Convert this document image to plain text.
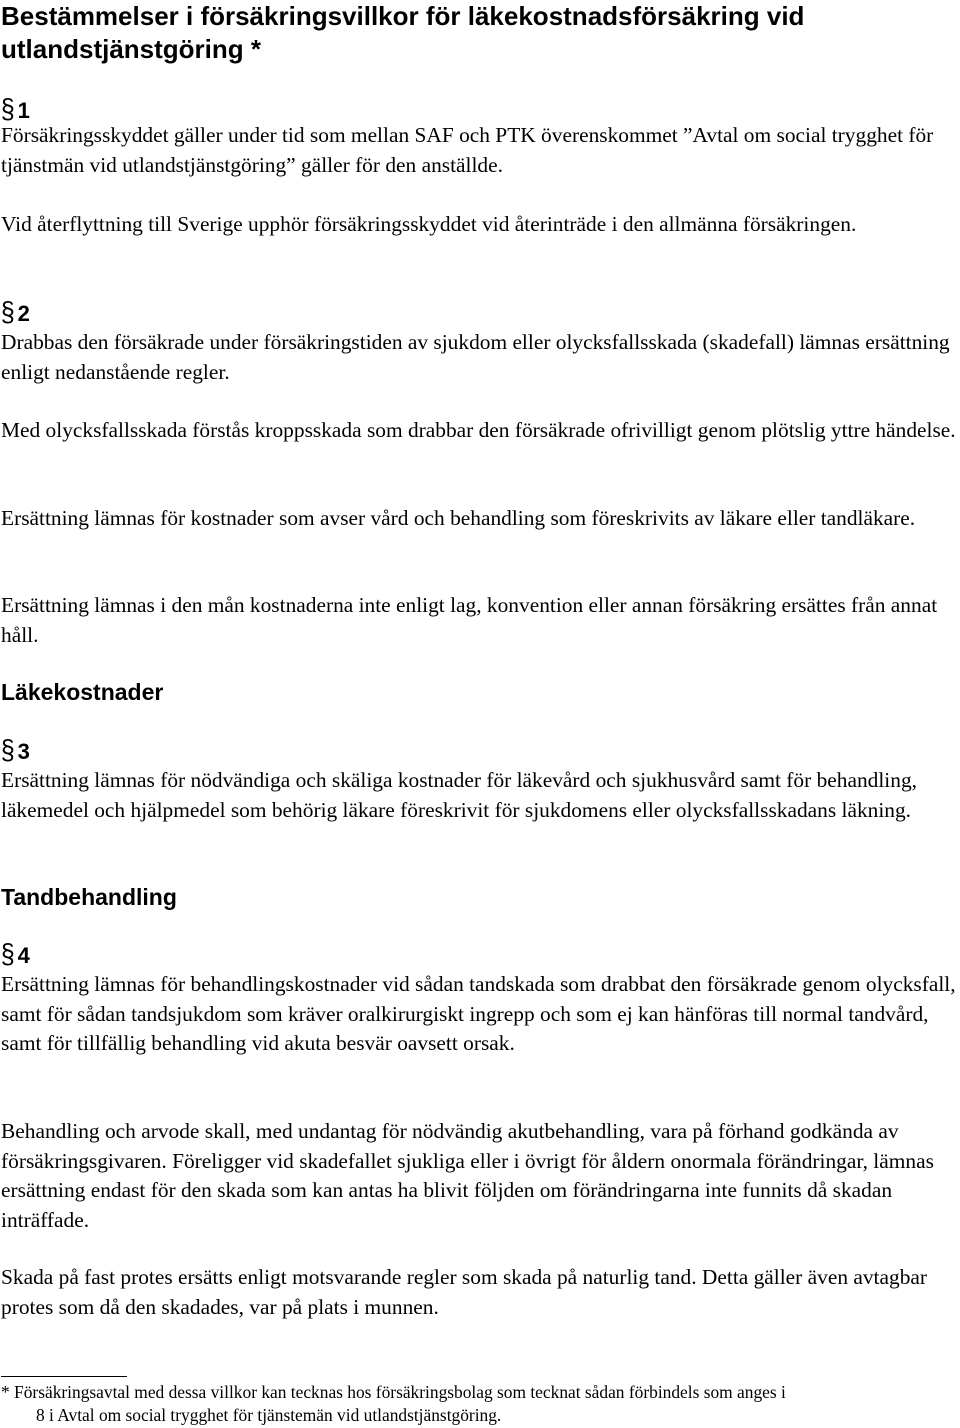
Bestämmelser i försäkringsvillkor för läkekostnadsförsäkring vid utlandstjänstgöring *
§ 1

Försäkringsskyddet gäller under tid som mellan SAF och PTK överenskommet ”Avtal om social trygghet för tjänstmän vid utlandstjänstgöring” gäller för den anställde.

Vid återflyttning till Sverige upphör försäkringsskyddet vid återinträde i den allmänna försäkringen.

§ 2

Drabbas den försäkrade under försäkringstiden av sjukdom eller olycksfallsskada (skadefall) lämnas ersättning enligt nedanstående regler.

Med olycksfallsskada förstås kroppsskada som drabbar den försäkrade ofrivilligt genom plötslig yttre händelse.

Ersättning lämnas för kostnader som avser vård och behandling som föreskrivits av läkare eller tandläkare.

Ersättning lämnas i den mån kostnaderna inte enligt lag, konvention eller annan försäkring ersättes från annat håll.

Läkekostnader
§ 3

Ersättning lämnas för nödvändiga och skäliga kostnader för läkevård och sjukhusvård samt för behandling, läkemedel och hjälpmedel som behörig läkare föreskrivit för sjukdomens eller olycksfallsskadans läkning.

Tandbehandling
§ 4

Ersättning lämnas för behandlingskostnader vid sådan tandskada som drabbat den försäkrade genom olycksfall, samt för sådan tandsjukdom som kräver oralkirurgiskt ingrepp och som ej kan hänföras till normal tandvård, samt för tillfällig behandling vid akuta besvär oavsett orsak.

Behandling och arvode skall, med undantag för nödvändig akutbehandling, vara på förhand godkända av försäkringsgivaren. Föreligger vid skadefallet sjukliga eller i övrigt för åldern onormala förändringar, lämnas ersättning endast för den skada som kan antas ha blivit följden om förändringarna inte funnits då skadan inträffade.

Skada på fast protes ersätts enligt motsvarande regler som skada på naturlig tand. Detta gäller även avtagbar protes som då den skadades, var på plats i munnen.

* Försäkringsavtal med dessa villkor kan tecknas hos försäkringsbolag som tecknat sådan förbindels som anges i
8 i Avtal om social trygghet för tjänstemän vid utlandstjänstgöring.
